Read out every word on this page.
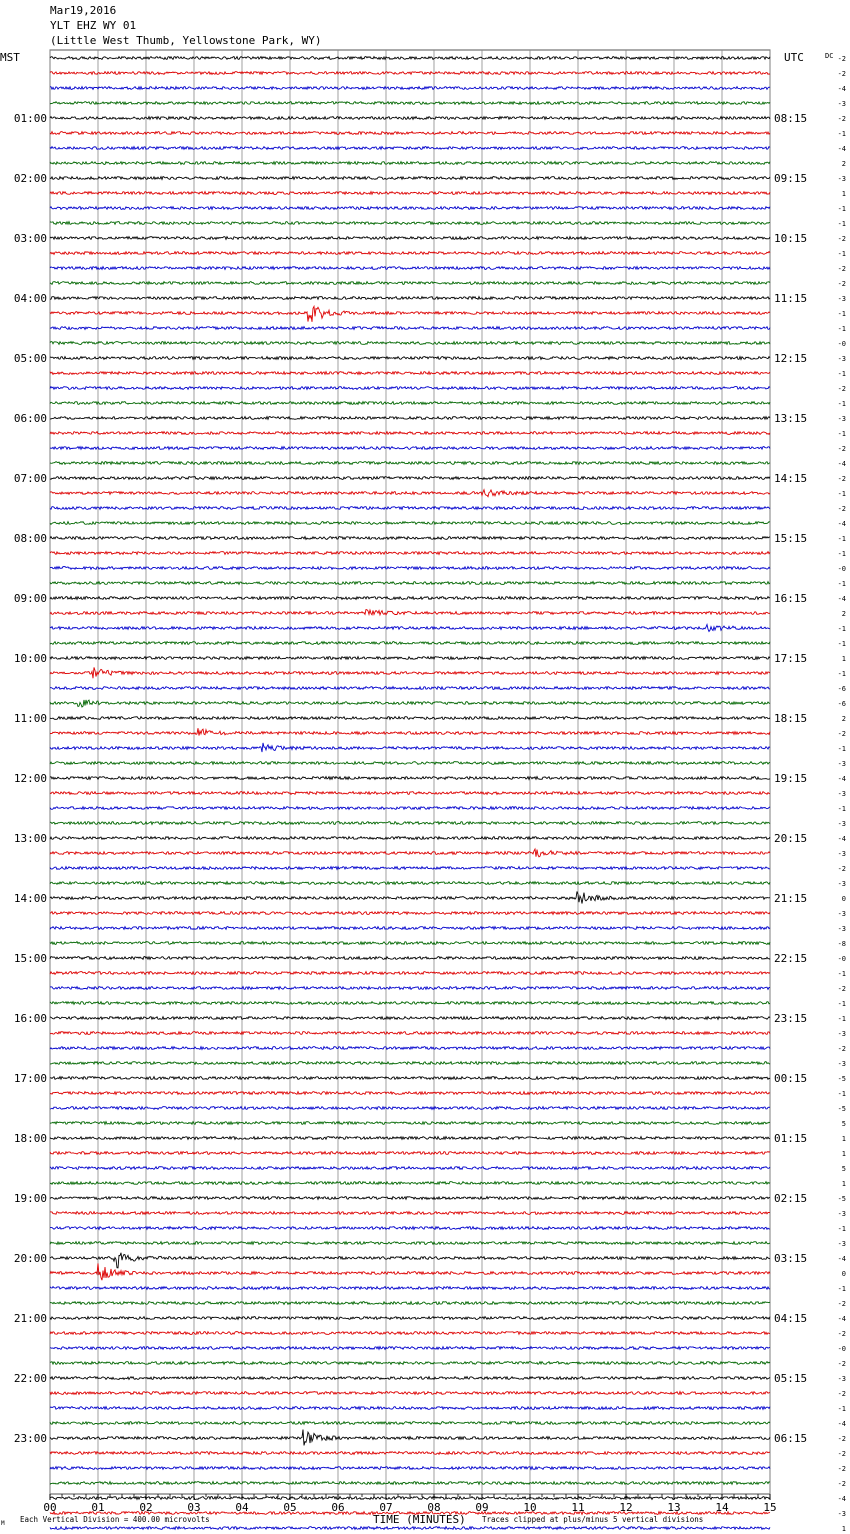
Mar19,2016
YLT EHZ WY 01
(Little West Thumb, Yellowstone Park, WY)
00	01	02	03	04	05	06	07	08	09	10	11	12	13	14	15
-2
-2
-4
-3
-2
01:00	08:15
-1
-4
2
-3
02:00	09:15
1
-1
-1
-2
03:00	10:15
-1
-2
-2
-3
04:00	11:15
-1
-1
-0
-3
05:00	12:15
-1
-2
-1
-3
06:00	13:15
-1
-2
-4
-2
07:00	14:15
-1
-2
-4
-1
08:00	15:15
-1
-0
-1
-4
09:00	16:15
2
-1
-1
1
10:00	17:15
-1
-6
-6
2
11:00	18:15
-2
-1
-3
-4
12:00	19:15
-3
-1
-3
-4
13:00	20:15
-3
-2
-3
0
14:00	21:15
-3
-3
-8
-0
15:00	22:15
-1
-2
-1
-1
16:00	23:15
-3
-2
-3
-5
17:00	00:15
-1
-5
5
1
18:00	01:15
1
5
1
-5
19:00	02:15
-3
-1
-3
-4
20:00	03:15
0
-1
-2
-4
21:00	04:15
-2
-0
-2
-3
22:00	05:15
-2
-1
-4
-2
23:00	06:15
-2
-2
-2
-4
-3
1
MST	UTC	DC
TIME (MINUTES)
M Each Vertical Division = 400.00 microvolts	Traces clipped at plus/minus 5 vertical divisions
